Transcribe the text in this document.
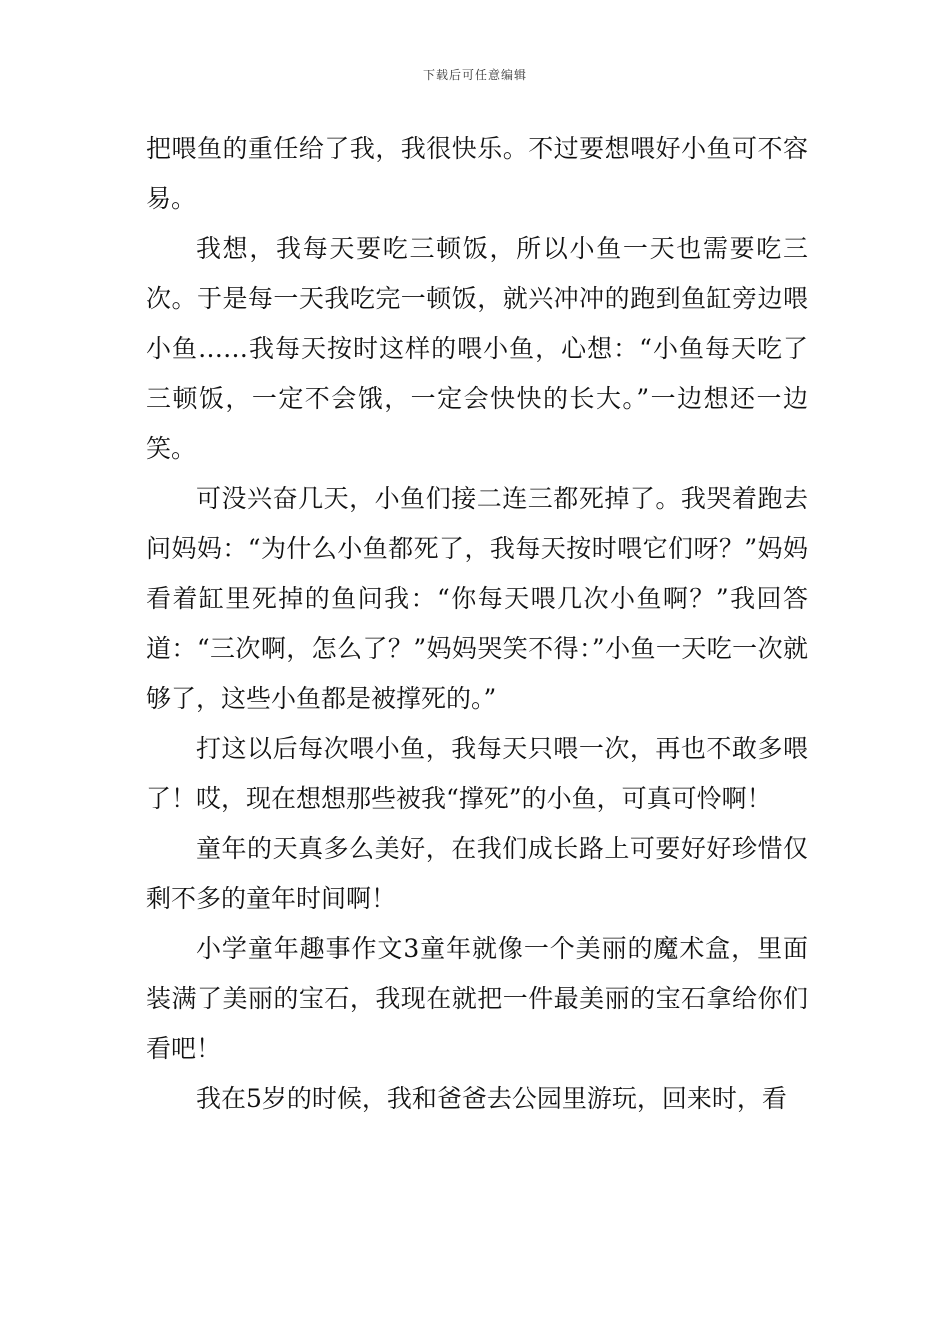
下载后可任意编辑

把喂鱼的重任给了我，我很快乐。不过要想喂好小鱼可不容易。

我想，我每天要吃三顿饭，所以小鱼一天也需要吃三次。于是每一天我吃完一顿饭，就兴冲冲的跑到鱼缸旁边喂小鱼……我每天按时这样的喂小鱼，心想：“小鱼每天吃了三顿饭，一定不会饿，一定会快快的长大。”一边想还一边笑。

可没兴奋几天，小鱼们接二连三都死掉了。我哭着跑去问妈妈：“为什么小鱼都死了，我每天按时喂它们呀？”妈妈看着缸里死掉的鱼问我：“你每天喂几次小鱼啊？”我回答道：“三次啊，怎么了？”妈妈哭笑不得：”小鱼一天吃一次就够了，这些小鱼都是被撑死的。”

打这以后每次喂小鱼，我每天只喂一次，再也不敢多喂了！哎，现在想想那些被我“撑死”的小鱼，可真可怜啊！

童年的天真多么美好，在我们成长路上可要好好珍惜仅剩不多的童年时间啊！

小学童年趣事作文3童年就像一个美丽的魔术盒，里面装满了美丽的宝石，我现在就把一件最美丽的宝石拿给你们看吧！

我在5岁的时候，我和爸爸去公园里游玩，回来时，看
